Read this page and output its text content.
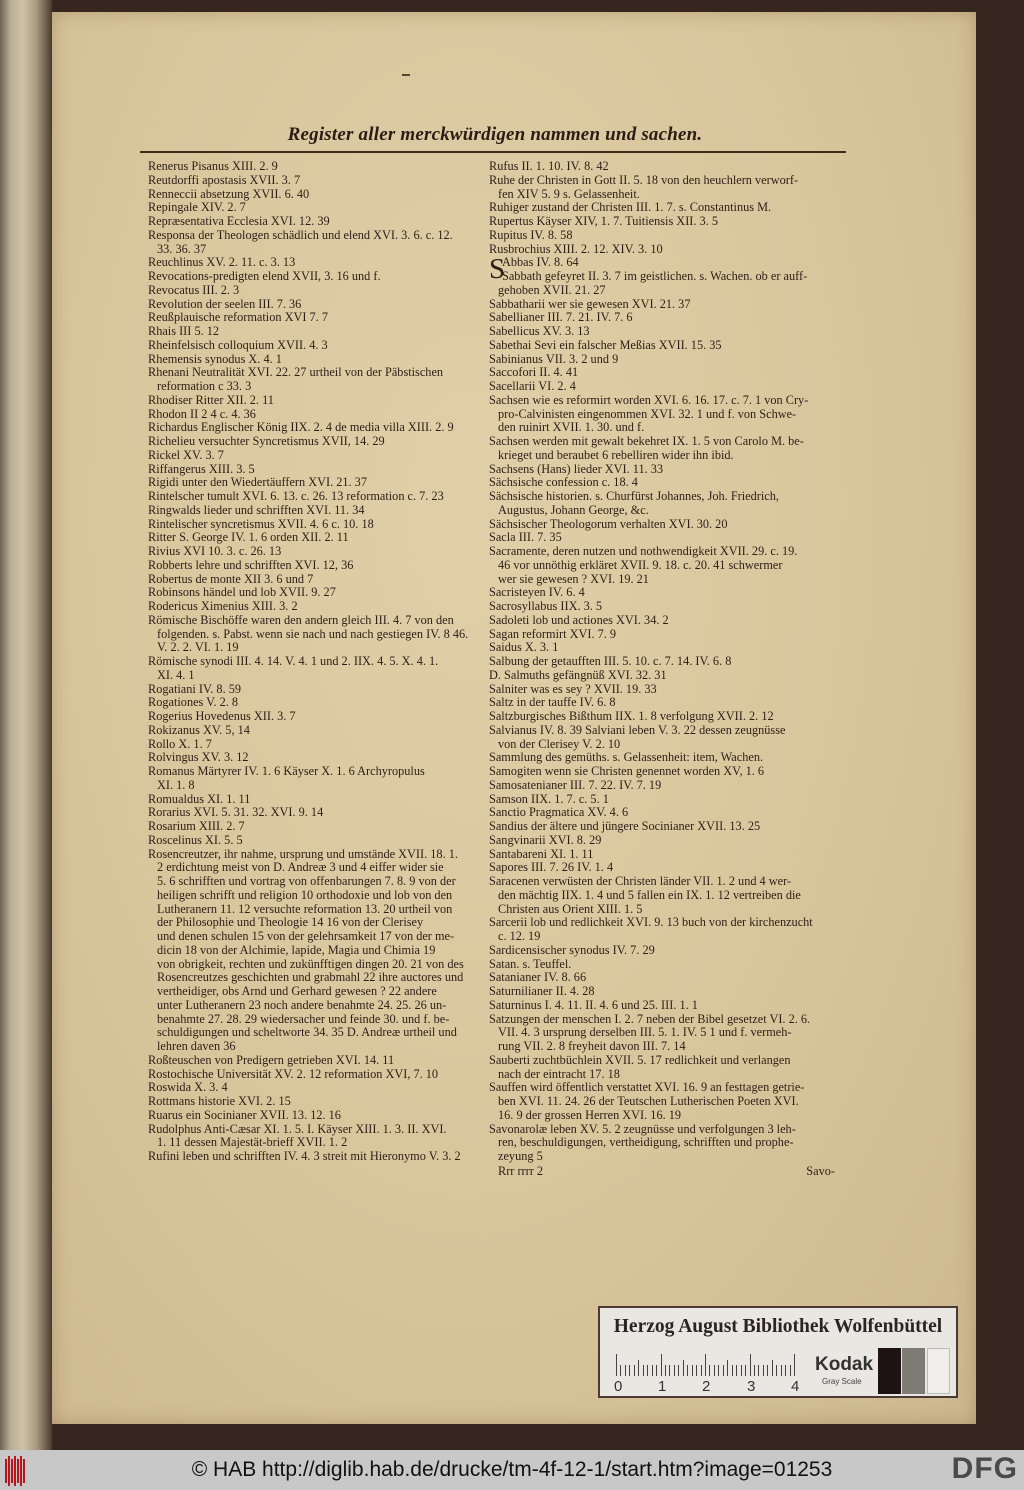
Register aller merckwürdigen nammen und sachen.
Renerus Pisanus XIII. 2. 9
Reutdorffi apostasis XVII. 3. 7
Renneccii absetzung XVII. 6. 40
Repingale XIV. 2. 7
Repræsentativa Ecclesia XVI. 12. 39
Responsa der Theologen schädlich und elend XVI. 3. 6. c. 12.
33. 36. 37
Reuchlinus XV. 2. 11. c. 3. 13
Revocations-predigten elend XVII, 3. 16 und f.
Revocatus III. 2. 3
Revolution der seelen III. 7. 36
Reußplauische reformation XVI 7. 7
Rhais III 5. 12
Rheinfelsisch colloquium XVII. 4. 3
Rhemensis synodus X. 4. 1
Rhenani Neutralität XVI. 22. 27 urtheil von der Päbstischen
reformation c 33. 3
Rhodiser Ritter XII. 2. 11
Rhodon II 2 4 c. 4. 36
Richardus Englischer König IIX. 2. 4 de media villa XIII. 2. 9
Richelieu versuchter Syncretismus XVII, 14. 29
Rickel XV. 3. 7
Riffangerus XIII. 3. 5
Rigidi unter den Wiedertäuffern XVI. 21. 37
Rintelscher tumult XVI. 6. 13. c. 26. 13 reformation c. 7. 23
Ringwalds lieder und schrifften XVI. 11. 34
Rintelischer syncretismus XVII. 4. 6 c. 10. 18
Ritter S. George IV. 1. 6 orden XII. 2. 11
Rivius XVI 10. 3. c. 26. 13
Robberts lehre und schrifften XVI. 12, 36
Robertus de monte XII 3. 6 und 7
Robinsons händel und lob XVII. 9. 27
Rodericus Ximenius XIII. 3. 2
Römische Bischöffe waren den andern gleich III. 4. 7 von den
folgenden. s. Pabst. wenn sie nach und nach gestiegen IV. 8 46.
V. 2. 2. VI. 1. 19
Römische synodi III. 4. 14. V. 4. 1 und 2. IIX. 4. 5. X. 4. 1.
XI. 4. 1
Rogatiani IV. 8. 59
Rogationes V. 2. 8
Rogerius Hovedenus XII. 3. 7
Rokizanus XV. 5, 14
Rollo X. 1. 7
Rolvingus XV. 3. 12
Romanus Märtyrer IV. 1. 6 Käyser X. 1. 6 Archyropulus
XI. 1. 8
Romualdus XI. 1. 11
Rorarius XVI. 5. 31. 32. XVI. 9. 14
Rosarium XIII. 2. 7
Roscelinus XI. 5. 5
Rosencreutzer, ihr nahme, ursprung und umstände XVII. 18. 1.
2 erdichtung meist von D. Andreæ 3 und 4 eiffer wider sie
5. 6 schrifften und vortrag von offenbarungen 7. 8. 9 von der
heiligen schrifft und religion 10 orthodoxie und lob von den
Lutheranern 11. 12 versuchte reformation 13. 20 urtheil von
der Philosophie und Theologie 14 16 von der Clerisey
und denen schulen 15 von der gelehrsamkeit 17 von der me-
dicin 18 von der Alchimie, lapide, Magia und Chimia 19
von obrigkeit, rechten und zukünfftigen dingen 20. 21 von des
Rosencreutzes geschichten und grabmahl 22 ihre auctores und
vertheidiger, obs Arnd und Gerhard gewesen ? 22 andere
unter Lutheranern 23 noch andere benahmte 24. 25. 26 un-
benahmte 27. 28. 29 wiedersacher und feinde 30. und f. be-
schuldigungen und scheltworte 34. 35 D. Andreæ urtheil und
lehren daven 36
Roßteuschen von Predigern getrieben XVI. 14. 11
Rostochische Universität XV. 2. 12 reformation XVI, 7. 10
Roswida X. 3. 4
Rottmans historie XVI. 2. 15
Ruarus ein Socinianer XVII. 13. 12. 16
Rudolphus Anti-Cæsar XI. 1. 5. I. Käyser XIII. 1. 3. II. XVI.
1. 11 dessen Majestät-brieff XVII. 1. 2
Rufini leben und schrifften IV. 4. 3 streit mit Hieronymo V. 3. 2
Rufus II. 1. 10. IV. 8. 42
Ruhe der Christen in Gott II. 5. 18 von den heuchlern verworf-
fen XIV 5. 9 s. Gelassenheit.
Ruhiger zustand der Christen III. 1. 7. s. Constantinus M.
Rupertus Käyser XIV, 1. 7. Tuitiensis XII. 3. 5
Rupitus IV. 8. 58
Rusbrochius XIII. 2. 12. XIV. 3. 10
S
Abbas IV. 8. 64
Sabbath gefeyret II. 3. 7 im geistlichen. s. Wachen. ob er auff-
gehoben XVII. 21. 27
Sabbatharii wer sie gewesen XVI. 21. 37
Sabellianer III. 7. 21. IV. 7. 6
Sabellicus XV. 3. 13
Sabethai Sevi ein falscher Meßias XVII. 15. 35
Sabinianus VII. 3. 2 und 9
Saccofori II. 4. 41
Sacellarii VI. 2. 4
Sachsen wie es reformirt worden XVI. 6. 16. 17. c. 7. 1 von Cry-
pro-Calvinisten eingenommen XVI. 32. 1 und f. von Schwe-
den ruinirt XVII. 1. 30. und f.
Sachsen werden mit gewalt bekehret IX. 1. 5 von Carolo M. be-
krieget und beraubet 6 rebelliren wider ihn ibid.
Sachsens (Hans) lieder XVI. 11. 33
Sächsische confession c. 18. 4
Sächsische historien. s. Churfürst Johannes, Joh. Friedrich,
Augustus, Johann George, &c.
Sächsischer Theologorum verhalten XVI. 30. 20
Sacla III. 7. 35
Sacramente, deren nutzen und nothwendigkeit XVII. 29. c. 19.
46 vor unnöthig erkläret XVII. 9. 18. c. 20. 41 schwermer
wer sie gewesen ? XVI. 19. 21
Sacristeyen IV. 6. 4
Sacrosyllabus IIX. 3. 5
Sadoleti lob und actiones XVI. 34. 2
Sagan reformirt XVI. 7. 9
Saidus X. 3. 1
Salbung der getaufften III. 5. 10. c. 7. 14. IV. 6. 8
D. Salmuths gefängnüß XVI. 32. 31
Salniter was es sey ? XVII. 19. 33
Saltz in der tauffe IV. 6. 8
Saltzburgisches Bißthum IIX. 1. 8 verfolgung XVII. 2. 12
Salvianus IV. 8. 39 Salviani leben V. 3. 22 dessen zeugnüsse
von der Clerisey V. 2. 10
Sammlung des gemüths. s. Gelassenheit: item, Wachen.
Samogiten wenn sie Christen genennet worden XV, 1. 6
Samosatenianer III. 7. 22. IV. 7. 19
Samson IIX. 1. 7. c. 5. 1
Sanctio Pragmatica XV. 4. 6
Sandius der ältere und jüngere Socinianer XVII. 13. 25
Sangvinarii XVI. 8. 29
Santabareni XI. 1. 11
Sapores III. 7. 26 IV. 1. 4
Saracenen verwüsten der Christen länder VII. 1. 2 und 4 wer-
den mächtig IIX. 1. 4 und 5 fallen ein IX. 1. 12 vertreiben die
Christen aus Orient XIII. 1. 5
Sarcerii lob und redlichkeit XVI. 9. 13 buch von der kirchenzucht
c. 12. 19
Sardicensischer synodus IV. 7. 29
Satan. s. Teuffel.
Satanianer IV. 8. 66
Saturnilianer II. 4. 28
Saturninus I. 4. 11. II. 4. 6 und 25. III. 1. 1
Satzungen der menschen I. 2. 7 neben der Bibel gesetzet VI. 2. 6.
VII. 4. 3 ursprung derselben III. 5. 1. IV. 5 1 und f. vermeh-
rung VII. 2. 8 freyheit davon III. 7. 14
Sauberti zuchtbüchlein XVII. 5. 17 redlichkeit und verlangen
nach der eintracht 17. 18
Sauffen wird öffentlich verstattet XVI. 16. 9 an festtagen getrie-
ben XVI. 11. 24. 26 der Teutschen Lutherischen Poeten XVI.
16. 9 der grossen Herren XVI. 16. 19
Savonarolæ leben XV. 5. 2 zeugnüsse und verfolgungen 3 leh-
ren, beschuldigungen, vertheidigung, schrifften und prophe-
zeyung 5
Rrr rrrr 2	Savo-
Herzog August Bibliothek Wolfenbüttel
0 1 2 3 4
Kodak
Gray Scale
© HAB http://diglib.hab.de/drucke/tm-4f-12-1/start.htm?image=01253	DFG
